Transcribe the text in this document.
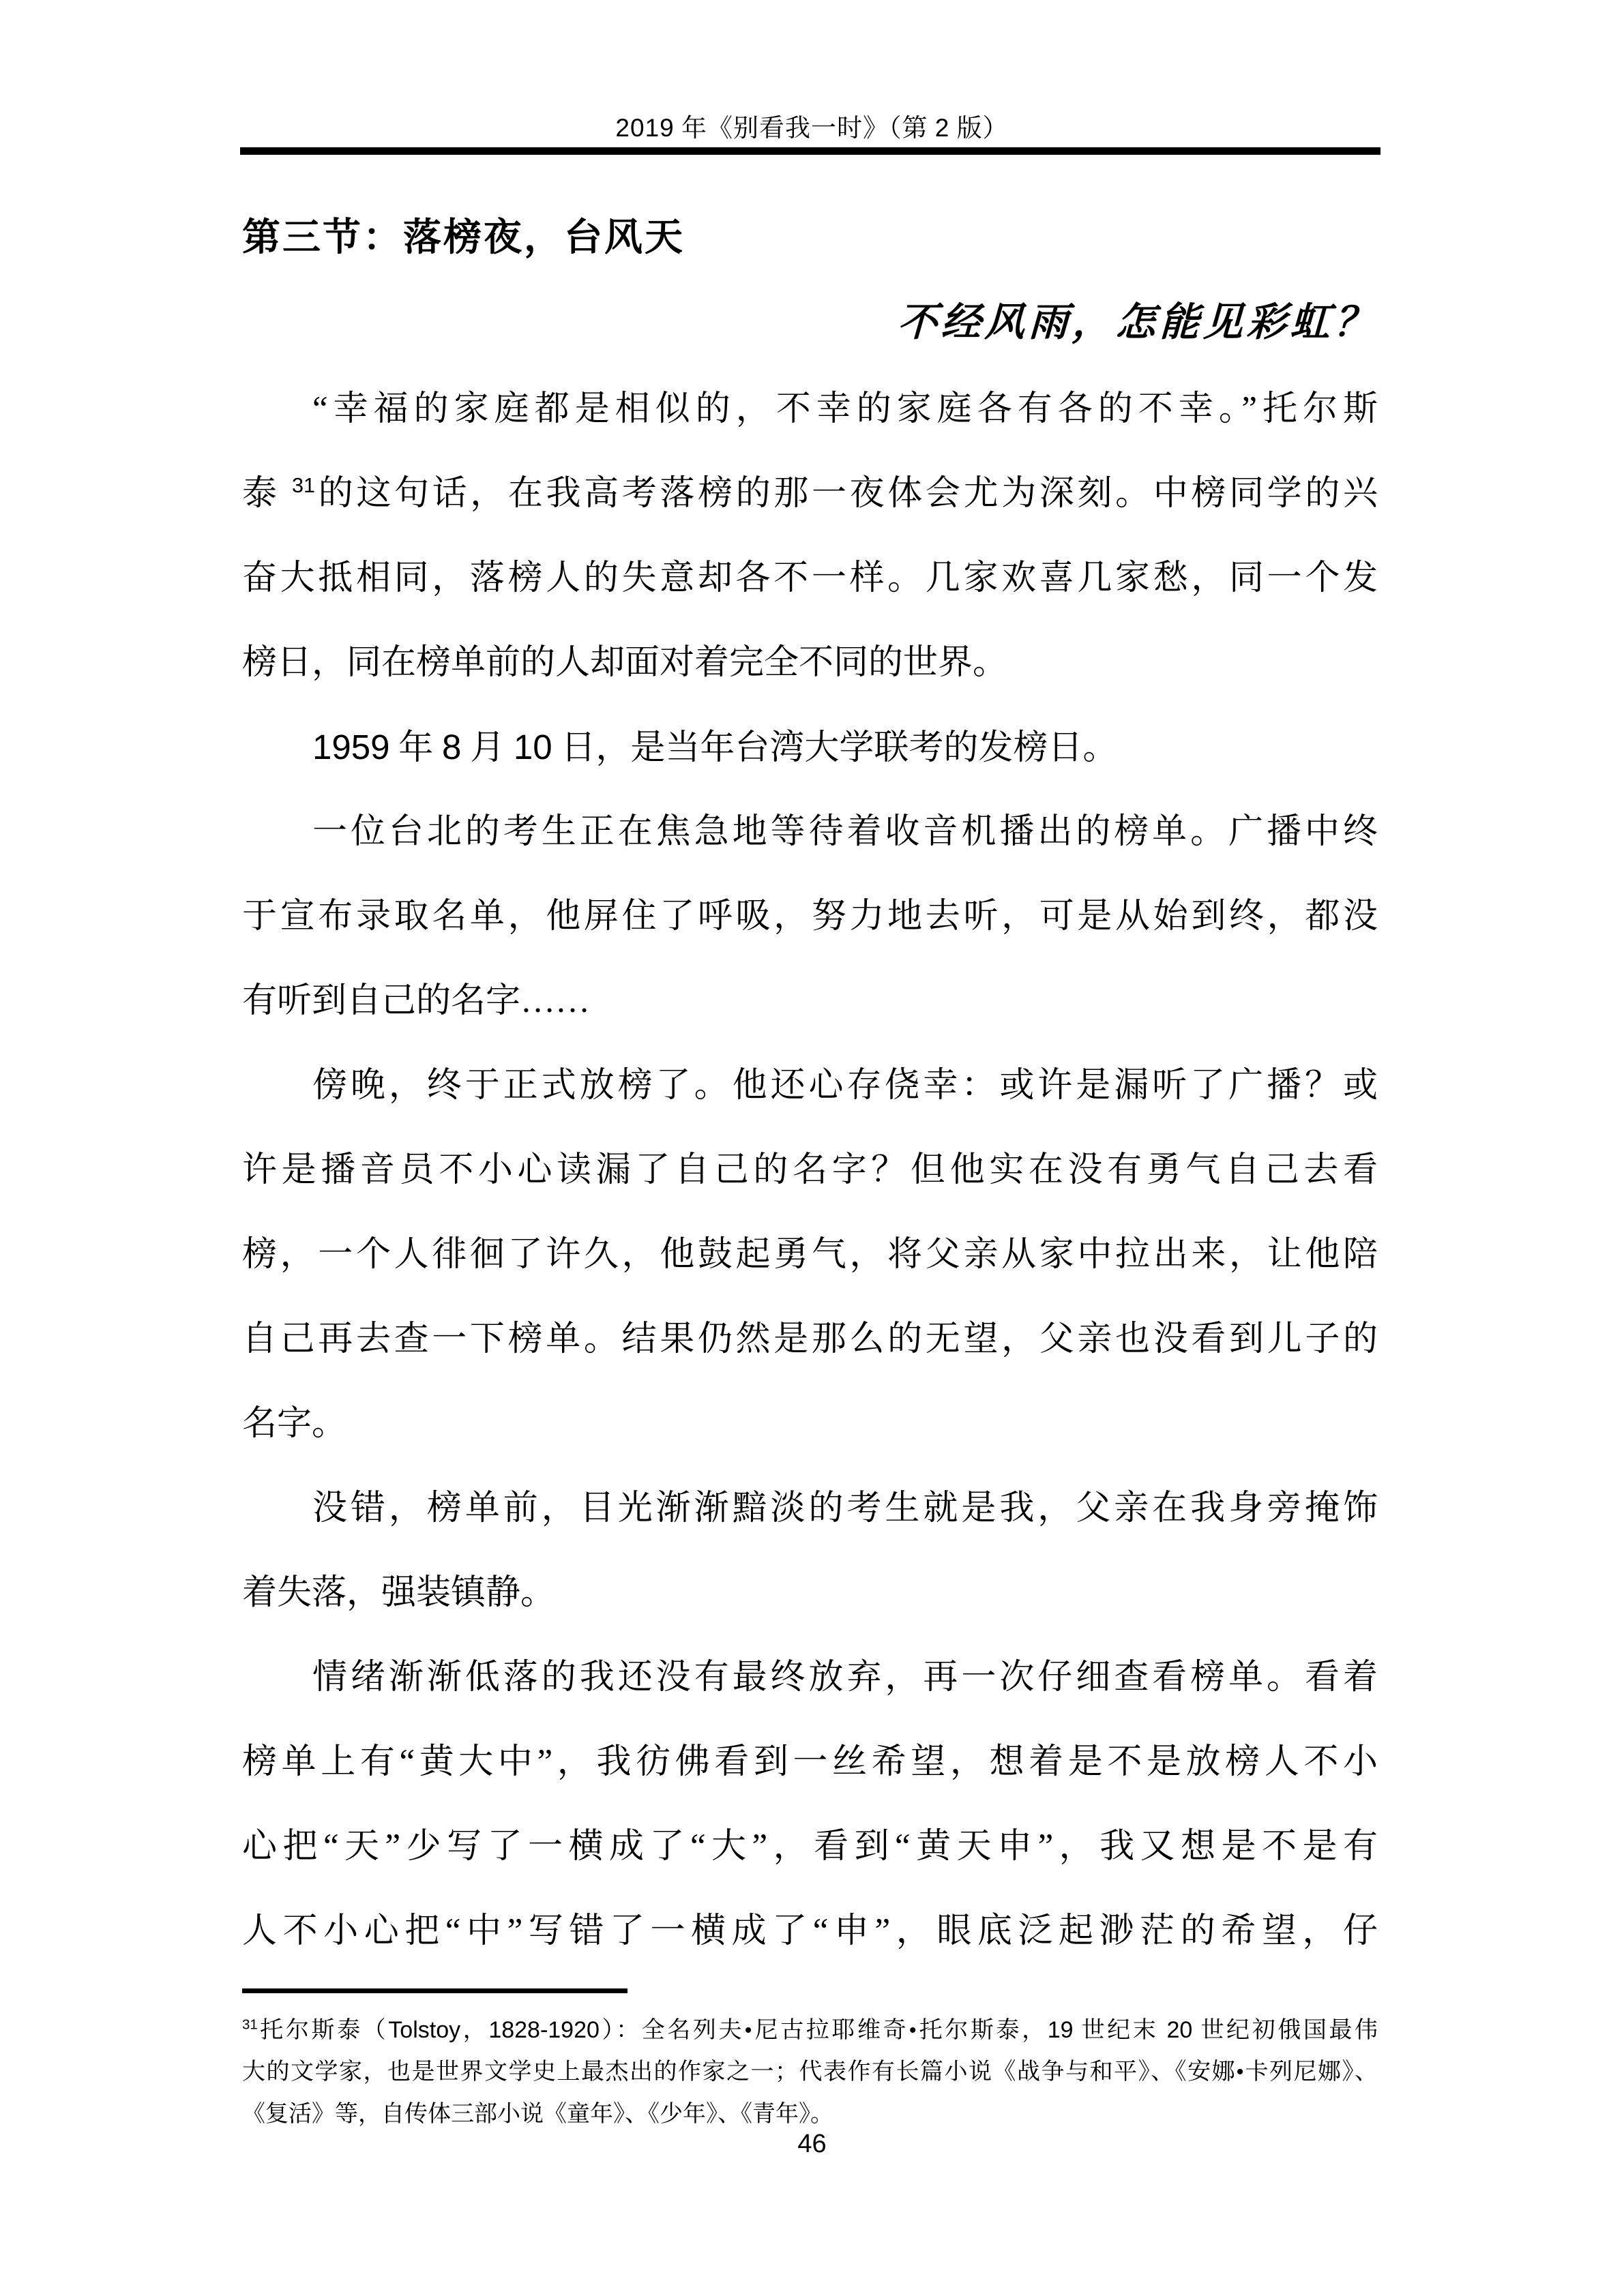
2019 年《别看我一时》（第 2 版）
第三节：落榜夜，台风天
不经风雨，怎能见彩虹？
“幸福的家庭都是相似的，不幸的家庭各有各的不幸。”托尔斯
泰 $^{31}$的这句话，在我高考落榜的那一夜体会尤为深刻。中榜同学的兴
奋大抵相同，落榜人的失意却各不一样。几家欢喜几家愁，同一个发
榜日，同在榜单前的人却面对着完全不同的世界。
1959 年 8 月 10 日，是当年台湾大学联考的发榜日。
一位台北的考生正在焦急地等待着收音机播出的榜单。广播中终
于宣布录取名单，他屏住了呼吸，努力地去听，可是从始到终，都没
有听到自己的名字……
傍晚，终于正式放榜了。他还心存侥幸：或许是漏听了广播？或
许是播音员不小心读漏了自己的名字？但他实在没有勇气自己去看
榜，一个人徘徊了许久，他鼓起勇气，将父亲从家中拉出来，让他陪
自己再去查一下榜单。结果仍然是那么的无望，父亲也没看到儿子的
名字。
没错，榜单前，目光渐渐黯淡的考生就是我，父亲在我身旁掩饰
着失落，强装镇静。
情绪渐渐低落的我还没有最终放弃，再一次仔细查看榜单。看着
榜单上有“黄大中”，我彷佛看到一丝希望，想着是不是放榜人不小
心把“天”少写了一横成了“大”，看到“黄天申”，我又想是不是有
人不小心把“中”写错了一横成了“申”，眼底泛起渺茫的希望，仔
$^{31}$托尔斯泰（Tolstoy，1828-1920）：全名列夫•尼古拉耶维奇•托尔斯泰，19 世纪末 20 世纪初俄国最伟
大的文学家，也是世界文学史上最杰出的作家之一；代表作有长篇小说《战争与和平》、《安娜•卡列尼娜》、
《复活》等，自传体三部小说《童年》、《少年》、《青年》。
46
